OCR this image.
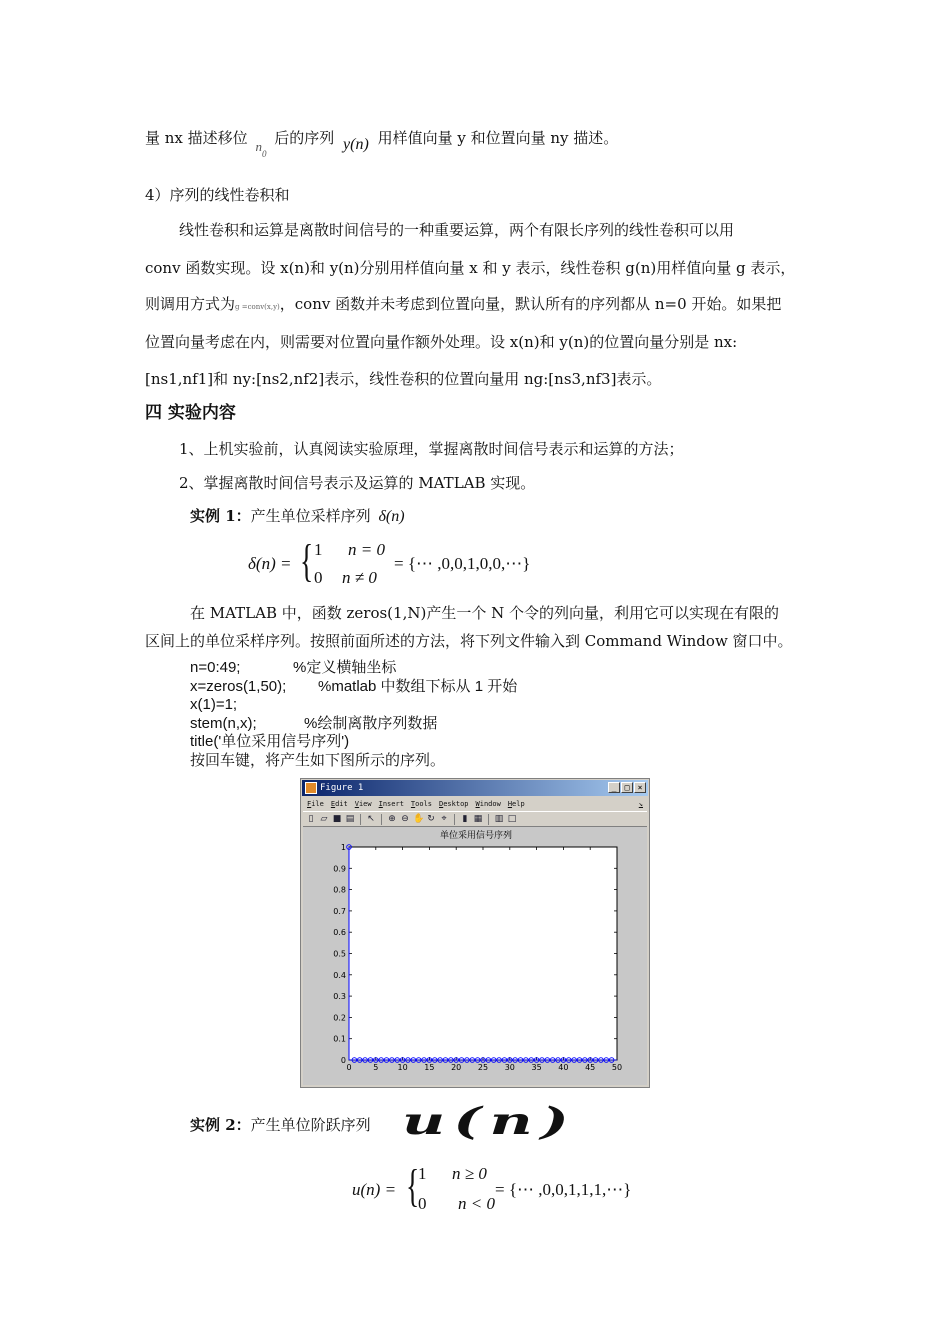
量 nx 描述移位 $n_0$ 后的序列 y(n) 用样值向量 y 和位置向量 ny 描述。
4）序列的线性卷积和
线性卷积和运算是离散时间信号的一种重要运算，两个有限长序列的线性卷积可以用
conv 函数实现。设 x(n)和 y(n)分别用样值向量 x 和 y 表示，线性卷积 g(n)用样值向量 g 表示，
则调用方式为g =conv(x,y)，conv 函数并未考虑到位置向量，默认所有的序列都从 n=0 开始。如果把
位置向量考虑在内，则需要对位置向量作额外处理。设 x(n)和 y(n)的位置向量分别是 nx:
[ns1,nf1]和 ny:[ns2,nf2]表示，线性卷积的位置向量用 ng:[ns3,nf3]表示。
四 实验内容
1、上机实验前，认真阅读实验原理，掌握离散时间信号表示和运算的方法；
2、掌握离散时间信号表示及运算的 MATLAB 实现。
实例 1：产生单位采样序列 δ(n)
δ(n) = { 1 n = 0
0 n ≠ 0
= {⋯ ,0,0,1,0,0,⋯}
在 MATLAB 中，函数 zeros(1,N)产生一个 N 个令的列向量，利用它可以实现在有限的
区间上的单位采样序列。按照前面所述的方法，将下列文件输入到 Command Window 窗口中。
n=0:49;	%定义横轴坐标
x=zeros(1,50); %matlab 中数组下标从 1 开始
x(1)=1;
stem(n,x);	%绘制离散序列数据
title('单位采用信号序列')
按回车键，将产生如下图所示的序列。
Figure 1	_	□	×
File Edit View Insert Tools Desktop Window Help	↘
▯ ▱ ■ ▤ ↖ ⊕ ⊖ ✋ ↻ ⌖ ▮ ▦ ▥ □
单位采用信号序列
0	5 10 15 20 25 30 35 40 45 50
0
0.1
0.2
0.3
0.4
0.5
0.6
0.7
0.8
0.9
1
实例 2：产生单位阶跃序列 u(n)
u(n) = {
1 n ≥ 0
0 n < 0
= {⋯ ,0,0,1,1,1,⋯}
